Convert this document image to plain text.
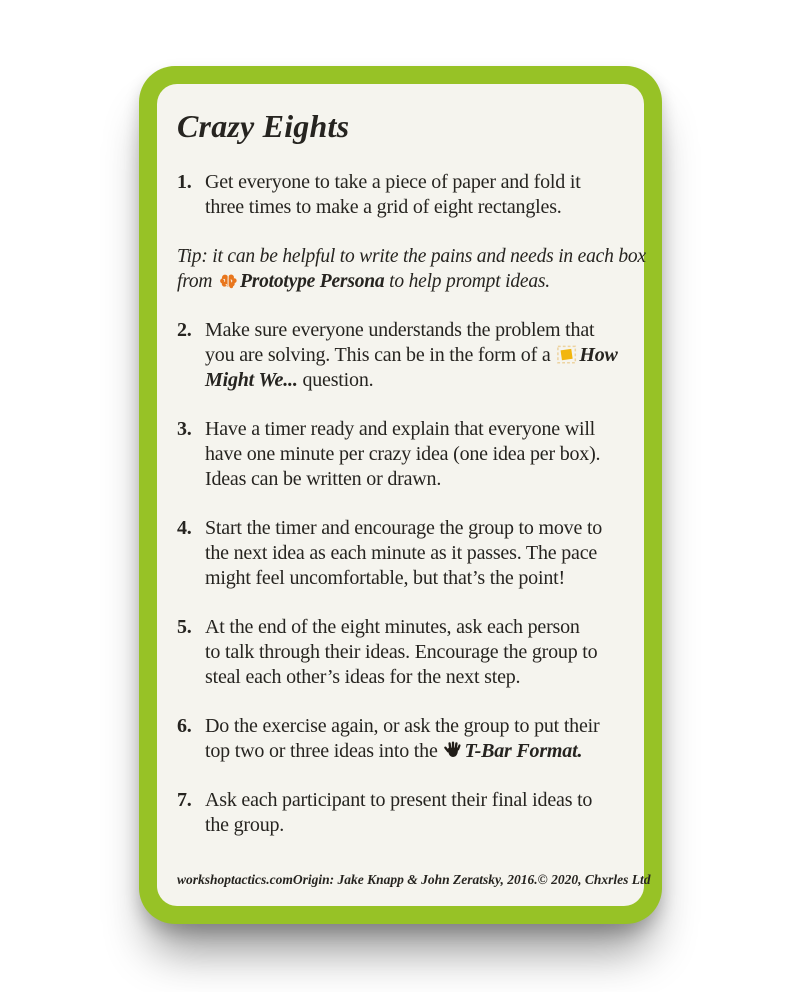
Crazy Eights
1. Get everyone to take a piece of paper and fold it
three times to make a grid of eight rectangles.
Tip: it can be helpful to write the pains and needs in each box
from Prototype Persona to help prompt ideas.
2. Make sure everyone understands the problem that
you are solving. This can be in the form of a How
Might We... question.
3. Have a timer ready and explain that everyone will
have one minute per crazy idea (one idea per box).
Ideas can be written or drawn.
4. Start the timer and encourage the group to move to
the next idea as each minute as it passes. The pace
might feel uncomfortable, but that’s the point!
5. At the end of the eight minutes, ask each person
to talk through their ideas. Encourage the group to
steal each other’s ideas for the next step.
6. Do the exercise again, or ask the group to put their
top two or three ideas into the T-Bar Format.
7. Ask each participant to present their final ideas to
the group.
workshoptactics.com Origin: Jake Knapp & John Zeratsky, 2016. © 2020, Chxrles Ltd
